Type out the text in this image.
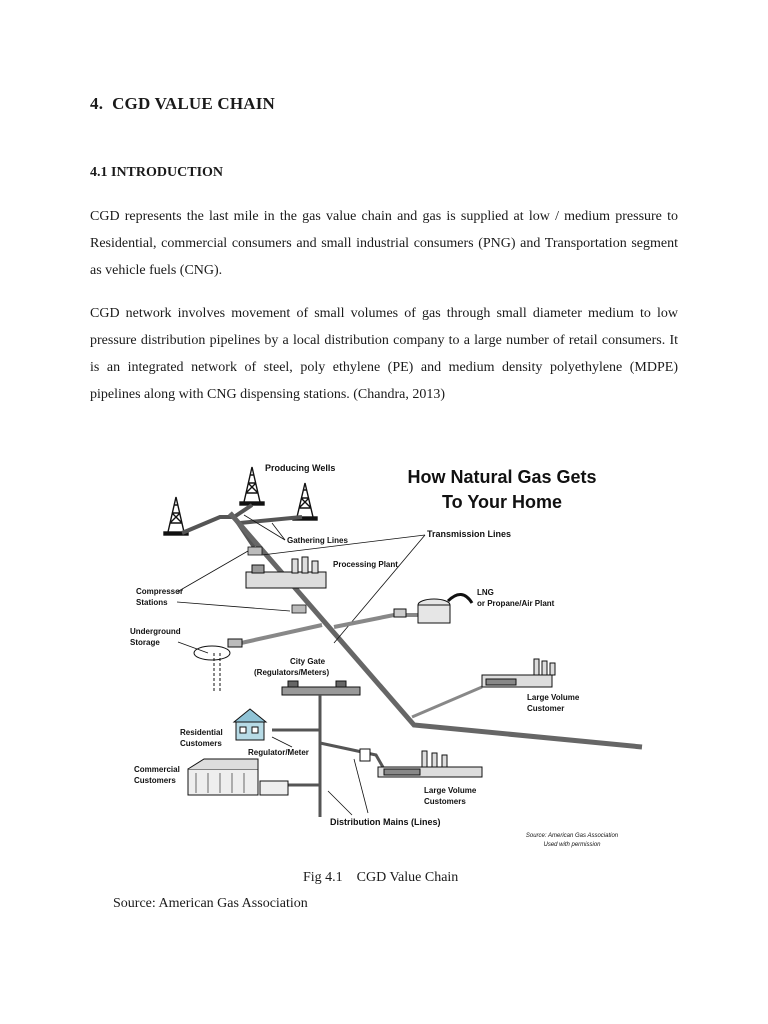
4. CGD VALUE CHAIN
4.1 INTRODUCTION

CGD represents the last mile in the gas value chain and gas is supplied at low / medium pressure to Residential, commercial consumers and small industrial consumers (PNG) and Transportation segment as vehicle fuels (CNG).

CGD network involves movement of small volumes of gas through small diameter medium to low pressure distribution pipelines by a local distribution company to a large number of retail consumers. It is an integrated network of steel, poly ethylene (PE) and medium density polyethylene (MDPE) pipelines along with CNG dispensing stations. (Chandra, 2013)

How Natural Gas Gets
To Your Home
Producing Wells
Gathering Lines
Transmission Lines
Processing Plant
Compressor
Stations
LNG
or Propane/Air Plant
Underground
Storage
Large Volume
Customer
City Gate
(Regulators/Meters)
Distribution Mains (Lines)
Residential
Customers
Regulator/Meter
Commercial
Customers
Large Volume
Customers
Source: American Gas Association
Used with permission

Fig 4.1    CGD Value Chain

Source: American Gas Association
